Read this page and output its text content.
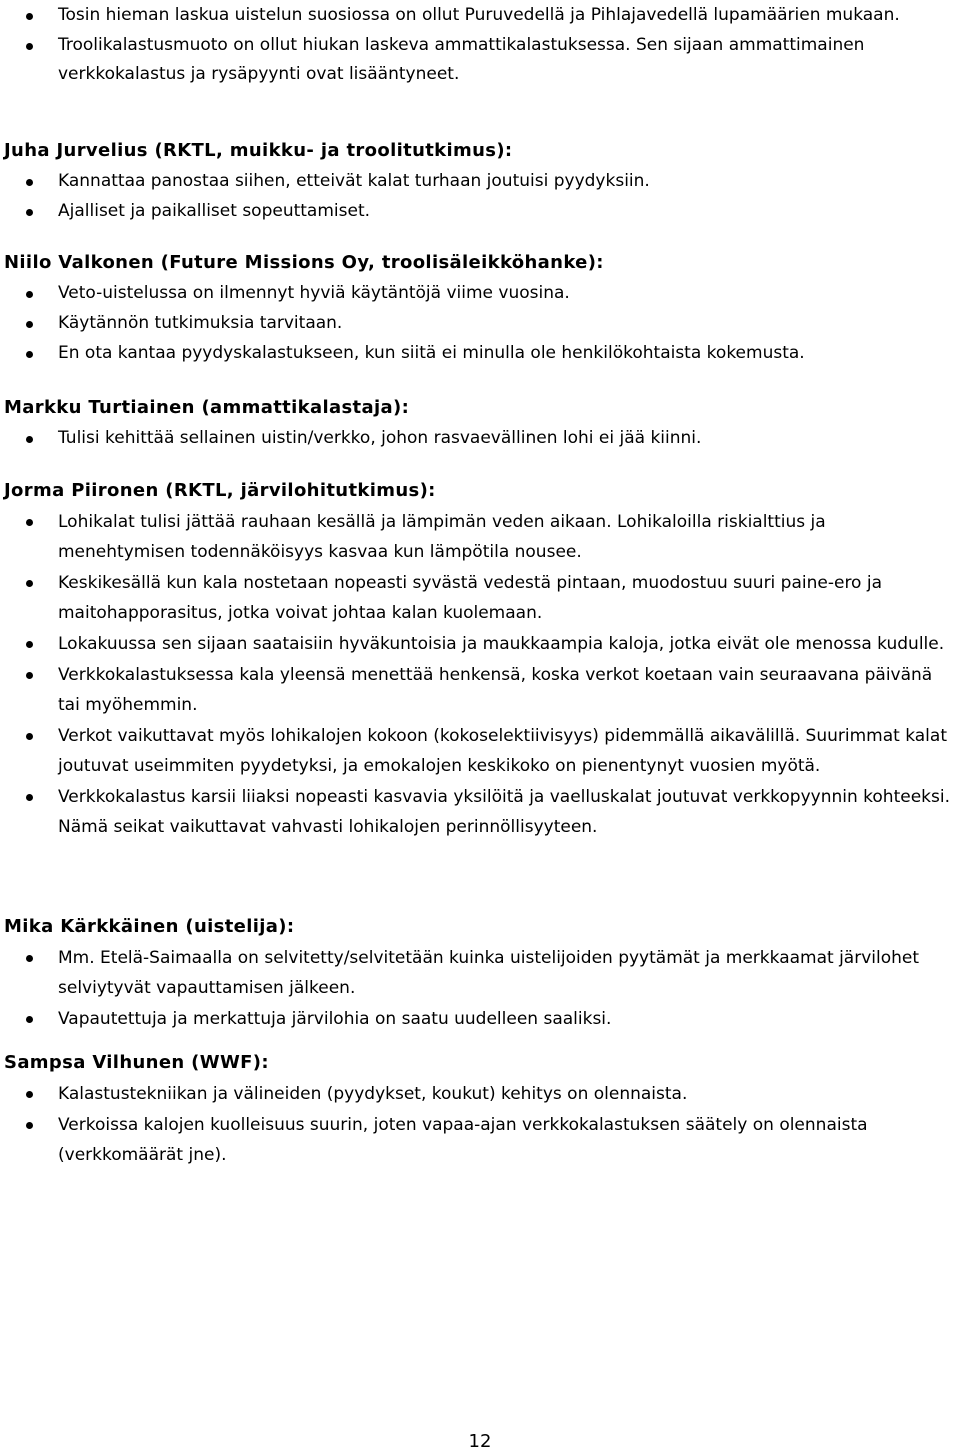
Tosin hieman laskua uistelun suosiossa on ollut Puruvedellä ja Pihlajavedellä lupamäärien mukaan.
Troolikalastusmuoto on ollut hiukan laskeva ammattikalastuksessa. Sen sijaan ammattimainen verkkokalastus ja rysäpyynti ovat lisääntyneet.
Juha Jurvelius (RKTL, muikku- ja troolitutkimus):
Kannattaa panostaa siihen, etteivät kalat turhaan joutuisi pyydyksiin.
Ajalliset ja paikalliset sopeuttamiset.
Niilo Valkonen (Future Missions Oy, troolisäleikköhanke):
Veto-uistelussa on ilmennyt hyviä käytäntöjä viime vuosina.
Käytännön tutkimuksia tarvitaan.
En ota kantaa pyydyskalastukseen, kun siitä ei minulla ole henkilökohtaista kokemusta.
Markku Turtiainen (ammattikalastaja):
Tulisi kehittää sellainen uistin/verkko, johon rasvaevällinen lohi ei jää kiinni.
Jorma Piironen (RKTL, järvilohitutkimus):
Lohikalat tulisi jättää rauhaan kesällä ja lämpimän veden aikaan. Lohikaloilla riskialttius ja menehtymisen todennäköisyys kasvaa kun lämpötila nousee.
Keskikesällä kun kala nostetaan nopeasti syvästä vedestä pintaan, muodostuu suuri paine-ero ja maitohapporasitus, jotka voivat johtaa kalan kuolemaan.
Lokakuussa sen sijaan saataisiin hyväkuntoisia ja maukkaampia kaloja, jotka eivät ole menossa kudulle.
Verkkokalastuksessa kala yleensä menettää henkensä, koska verkot koetaan vain seuraavana päivänä tai myöhemmin.
Verkot vaikuttavat myös lohikalojen kokoon (kokoselektiivisyys) pidemmällä aikavälillä. Suurimmat kalat joutuvat useimmiten pyydetyksi, ja emokalojen keskikoko on pienentynyt vuosien myötä.
Verkkokalastus karsii liiaksi nopeasti kasvavia yksilöitä ja vaelluskalat joutuvat verkkopyynnin kohteeksi. Nämä seikat vaikuttavat vahvasti lohikalojen perinnöllisyyteen.
Mika Kärkkäinen (uistelija):
Mm. Etelä-Saimaalla on selvitetty/selvitetään kuinka uistelijoiden pyytämät ja merkkaamat järvilohet selviytyvät vapauttamisen jälkeen.
Vapautettuja ja merkattuja järvilohia on saatu uudelleen saaliksi.
Sampsa Vilhunen (WWF):
Kalastustekniikan ja välineiden (pyydykset, koukut) kehitys on olennaista.
Verkoissa kalojen kuolleisuus suurin, joten vapaa-ajan verkkokalastuksen säätely on olennaista (verkkomäärät jne).
12
